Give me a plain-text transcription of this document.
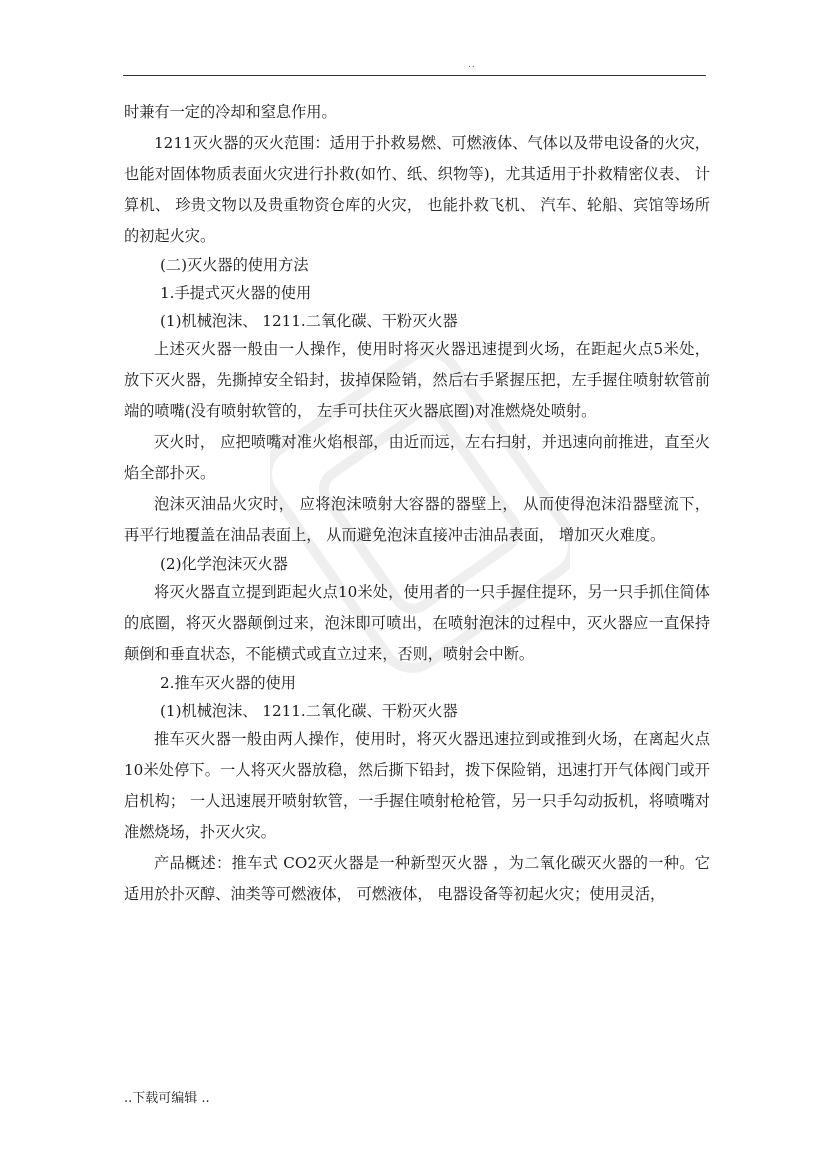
..

时兼有一定的冷却和窒息作用。

1211灭火器的灭火范围：适用于扑救易燃、可燃液体、气体以及带电设备的火灾，也能对固体物质表面火灾进行扑救(如竹、纸、织物等)，尤其适用于扑救精密仪表、 计算机、 珍贵文物以及贵重物资仓库的火灾， 也能扑救飞机、 汽车、轮船、宾馆等场所的初起火灾。

(二)灭火器的使用方法

1.手提式灭火器的使用

(1)机械泡沫、 1211.二氧化碳、干粉灭火器

上述灭火器一般由一人操作，使用时将灭火器迅速提到火场，在距起火点5米处，放下灭火器，先撕掉安全铅封，拔掉保险销，然后右手紧握压把，左手握住喷射软管前端的喷嘴(没有喷射软管的， 左手可扶住灭火器底圈)对准燃烧处喷射。

灭火时， 应把喷嘴对准火焰根部，由近而远，左右扫射，并迅速向前推进，直至火焰全部扑灭。

泡沫灭油品火灾时， 应将泡沫喷射大容器的器壁上， 从而使得泡沫沿器壁流下， 再平行地覆盖在油品表面上， 从而避免泡沫直接冲击油品表面， 增加灭火难度。

(2)化学泡沫灭火器

将灭火器直立提到距起火点10米处，使用者的一只手握住提环，另一只手抓住简体的底圈，将灭火器颠倒过来，泡沫即可喷出，在喷射泡沫的过程中，灭火器应一直保持颠倒和垂直状态，不能横式或直立过来，否则，喷射会中断。

2.推车灭火器的使用

(1)机械泡沫、 1211.二氧化碳、干粉灭火器

推车灭火器一般由两人操作，使用时，将灭火器迅速拉到或推到火场，在离起火点10米处停下。一人将灭火器放稳，然后撕下铅封，拨下保险销，迅速打开气体阀门或开启机构； 一人迅速展开喷射软管，一手握住喷射枪枪管，另一只手勾动扳机，将喷嘴对准燃烧场，扑灭火灾。

产品概述：推车式 CO2灭火器是一种新型灭火器 ，为二氧化碳灭火器的一种。它适用於扑灭醇、油类等可燃液体， 可燃液体， 电器设备等初起火灾；使用灵活，

..下载可编辑 ..
